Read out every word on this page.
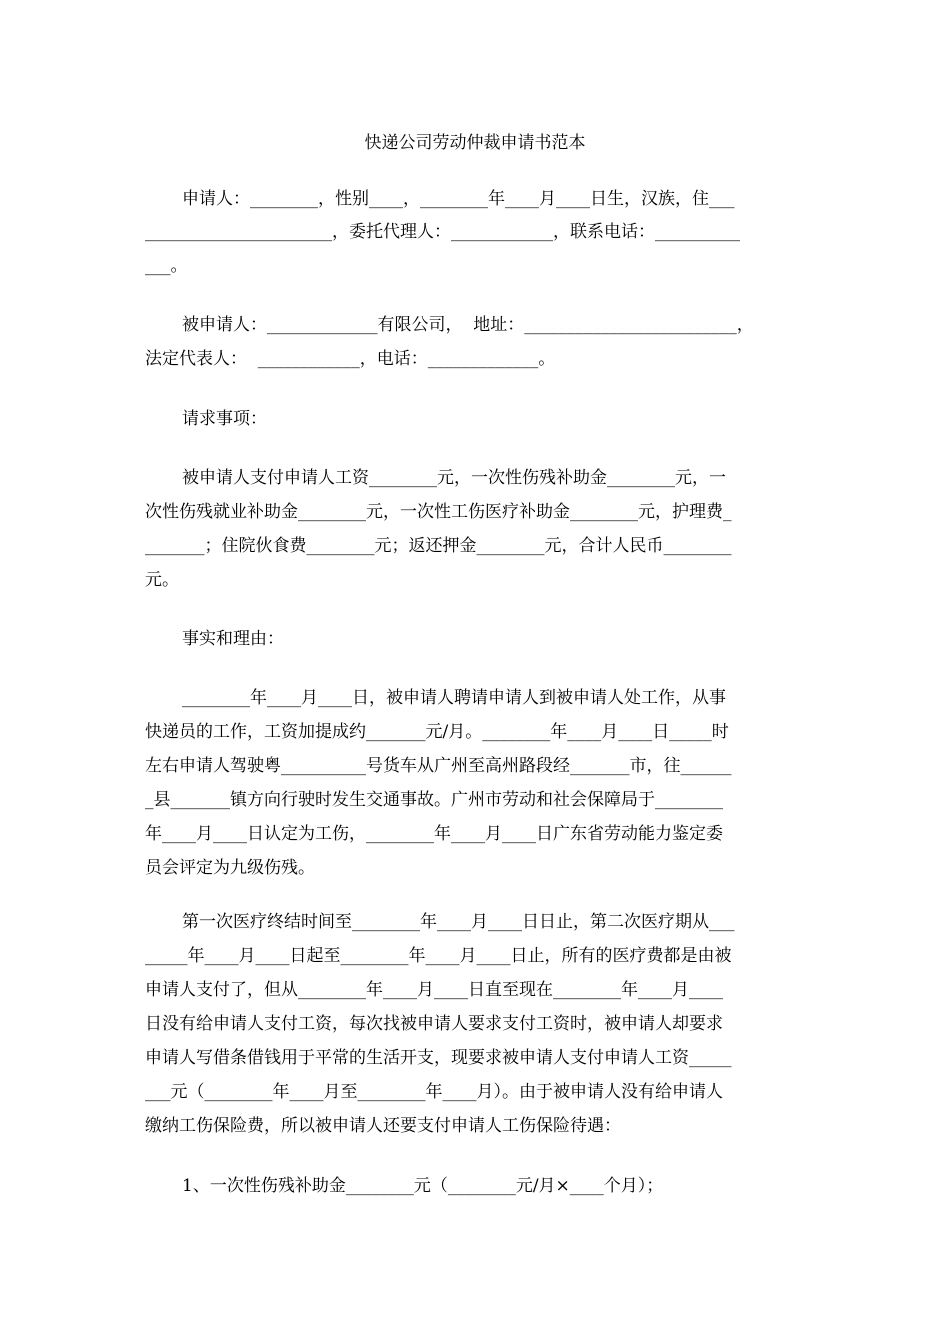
快递公司劳动仲裁申请书范本
申请人：________，性别____，________年____月____日生，汉族，住___
______________________，委托代理人：____________，联系电话：__________
___。
被申请人：_____________有限公司，  地址：_________________________，
法定代表人：  ____________，电话：_____________。
请求事项：
被申请人支付申请人工资________元，一次性伤残补助金________元，一
次性伤残就业补助金________元，一次性工伤医疗补助金________元，护理费_
_______；住院伙食费________元；返还押金________元，合计人民币________
元。
事实和理由：
________年____月____日，被申请人聘请申请人到被申请人处工作，从事
快递员的工作，工资加提成约_______元/月。________年____月____日_____时
左右申请人驾驶粤__________号货车从广州至高州路段经_______市，往______
_县_______镇方向行驶时发生交通事故。广州市劳动和社会保障局于________
年____月____日认定为工伤，________年____月____日广东省劳动能力鉴定委
员会评定为九级伤残。
第一次医疗终结时间至________年____月____日日止，第二次医疗期从___
_____年____月____日起至________年____月____日止，所有的医疗费都是由被
申请人支付了，但从________年____月____日直至现在________年____月____
日没有给申请人支付工资，每次找被申请人要求支付工资时，被申请人却要求
申请人写借条借钱用于平常的生活开支，现要求被申请人支付申请人工资_____
___元（________年____月至________年____月）。由于被申请人没有给申请人
缴纳工伤保险费，所以被申请人还要支付申请人工伤保险待遇：
1、一次性伤残补助金________元（________元/月×____个月）；
